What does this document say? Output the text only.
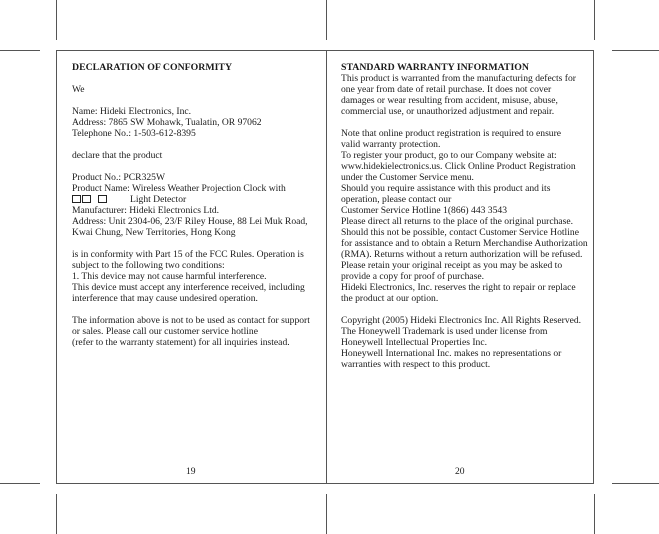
DECLARATION OF CONFORMITY
We
Name: Hideki Electronics, Inc.
Address: 7865 SW Mohawk, Tualatin, OR 97062
Telephone No.: 1-503-612-8395
declare that the product
Product No.: PCR325W
Product Name: Wireless Weather Projection Clock with
Light Detector
Manufacturer: Hideki Electronics Ltd.
Address: Unit 2304-06, 23/F Riley House, 88 Lei Muk Road,
Kwai Chung, New Territories, Hong Kong
is in conformity with Part 15 of the FCC Rules. Operation is
subject to the following two conditions:
1. This device may not cause harmful interference.
This device must accept any interference received, including
interference that may cause undesired operation.
The information above is not to be used as contact for support
or sales. Please call our customer service hotline
(refer to the warranty statement) for all inquiries instead.
19
STANDARD WARRANTY INFORMATION
This product is warranted from the manufacturing defects for
one year from date of retail purchase. It does not cover
damages or wear resulting from accident, misuse, abuse,
commercial use, or unauthorized adjustment and repair.
Note that online product registration is required to ensure
valid warranty protection.
To register your product, go to our Company website at:
www.hidekielectronics.us. Click Online Product Registration
under the Customer Service menu.
Should you require assistance with this product and its
operation, please contact our
Customer Service Hotline 1(866) 443 3543
Please direct all returns to the place of the original purchase.
Should this not be possible, contact Customer Service Hotline
for assistance and to obtain a Return Merchandise Authorization
(RMA). Returns without a return authorization will be refused.
Please retain your original receipt as you may be asked to
provide a copy for proof of purchase.
Hideki Electronics, Inc. reserves the right to repair or replace
the product at our option.
Copyright (2005) Hideki Electronics Inc. All Rights Reserved.
The Honeywell Trademark is used under license from
Honeywell Intellectual Properties Inc.
Honeywell International Inc. makes no representations or
warranties with respect to this product.
20
